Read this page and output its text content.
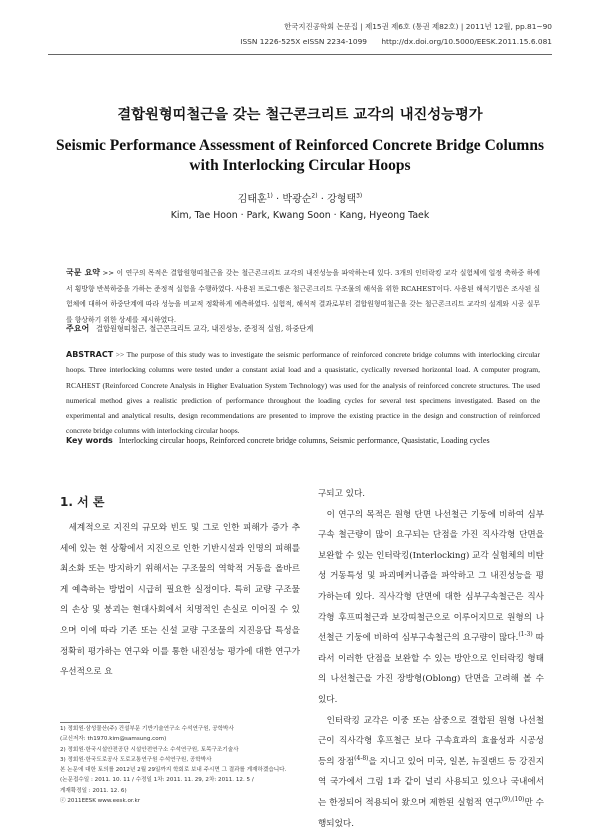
한국지진공학회 논문집 | 제15권 제6호 (통권 제82호) | 2011년 12월, pp.81~90
ISSN 1226-525X eISSN 2234-1099 http://dx.doi.org/10.5000/EESK.2011.15.6.081
결합원형띠철근을 갖는 철근콘크리트 교각의 내진성능평가
Seismic Performance Assessment of Reinforced Concrete Bridge Columns
with Interlocking Circular Hoops
김태훈$^{1)}$ · 박광순$^{2)}$ · 강형택$^{3)}$
Kim, Tae Hoon · Park, Kwang Soon · Kang, Hyeong Taek
국문 요약 >> 이 연구의 목적은 결합원형띠철근을 갖는 철근콘크리트 교각의 내진성능을 파악하는데 있다. 3개의 인터락킹 교각 실험체에 일정 축하중 하에서 횡방향 반복하중을 가하는 준정적 실험을 수행하였다. 사용된 프로그램은 철근콘크리트 구조물의 해석을 위한 RCAHEST이다. 사용된 해석기법은 조사된 실험체에 대하여 하중단계에 따라 성능을 비교적 정확하게 예측하였다. 실험적, 해석적 결과로부터 결합원형띠철근을 갖는 철근콘크리트 교각의 설계와 시공 실무를 향상하기 위한 상세를 제시하였다.
주요어 결합원형띠철근, 철근콘크리트 교각, 내진성능, 준정적 실험, 하중단계
ABSTRACT >> The purpose of this study was to investigate the seismic performance of reinforced concrete bridge columns with interlocking circular hoops. Three interlocking columns were tested under a constant axial load and a quasistatic, cyclically reversed horizontal load. A computer program, RCAHEST (Reinforced Concrete Analysis in Higher Evaluation System Technology) was used for the analysis of reinforced concrete structures. The used numerical method gives a realistic prediction of performance throughout the loading cycles for several test specimens investigated. Based on the experimental and analytical results, design recommendations are presented to improve the existing practice in the design and construction of reinforced concrete bridge columns with interlocking circular hoops.
Key words Interlocking circular hoops, Reinforced concrete bridge columns, Seismic performance, Quasistatic, Loading cycles
1. 서 론
세계적으로 지진의 규모와 빈도 및 그로 인한 피해가 증가 추세에 있는 현 상황에서 지진으로 인한 기반시설과 인명의 피해를 최소화 또는 방지하기 위해서는 구조물의 역학적 거동을 올바르게 예측하는 방법이 시급히 필요한 실정이다. 특히 교량 구조물의 손상 및 붕괴는 현대사회에서 치명적인 손실로 이어질 수 있으며 이에 따라 기존 또는 신설 교량 구조물의 지진응답 특성을 정확히 평가하는 연구와 이를 통한 내진성능 평가에 대한 연구가 우선적으로 요

구되고 있다.

이 연구의 목적은 원형 단면 나선철근 기둥에 비하여 심부구속 철근량이 많이 요구되는 단점을 가진 직사각형 단면을 보완할 수 있는 인터락킹(Interlocking) 교각 실험체의 비탄성 거동특성 및 파괴메커니즘을 파악하고 그 내진성능을 평가하는데 있다. 직사각형 단면에 대한 심부구속철근은 직사각형 후프띠철근과 보강띠철근으로 이루어지므로 원형의 나선철근 기둥에 비하여 심부구속철근의 요구량이 많다.$^{(1-3)}$ 따라서 이러한 단점을 보완할 수 있는 방안으로 인터락킹 형태의 나선철근을 가진 장방형(Oblong) 단면을 고려해 볼 수 있다.

인터락킹 교각은 이중 또는 삼중으로 결합된 원형 나선철근이 직사각형 후프철근 보다 구속효과의 효율성과 시공성 등의 장점$^{(4-8)}$을 지니고 있어 미국, 일본, 뉴질랜드 등 강진지역 국가에서 그림 1과 같이 널리 사용되고 있으나 국내에서는 한정되어 적용되어 왔으며 제한된 실험적 연구$^{(9),(10)}$만 수행되었다.

1) 정회원·삼성물산(주) 건설부문 기반기술연구소 수석연구원, 공학박사
(교신저자: th1970.kim@samsung.com)
2) 정회원·한국시설안전공단 시설안전연구소 수석연구원, 토목구조기술사
3) 정회원·한국도로공사 도로교통연구원 수석연구원, 공학박사
본 논문에 대한 토의를 2012년 2월 29일까지 학회로 보내 주시면 그 결과를 게재하겠습니다.
(논문접수일 : 2011. 10. 11 / 수정일 1차: 2011. 11. 29, 2차: 2011. 12. 5 /
게재확정일 : 2011. 12. 6)
ⓒ 2011EESK www.eesk.or.kr
